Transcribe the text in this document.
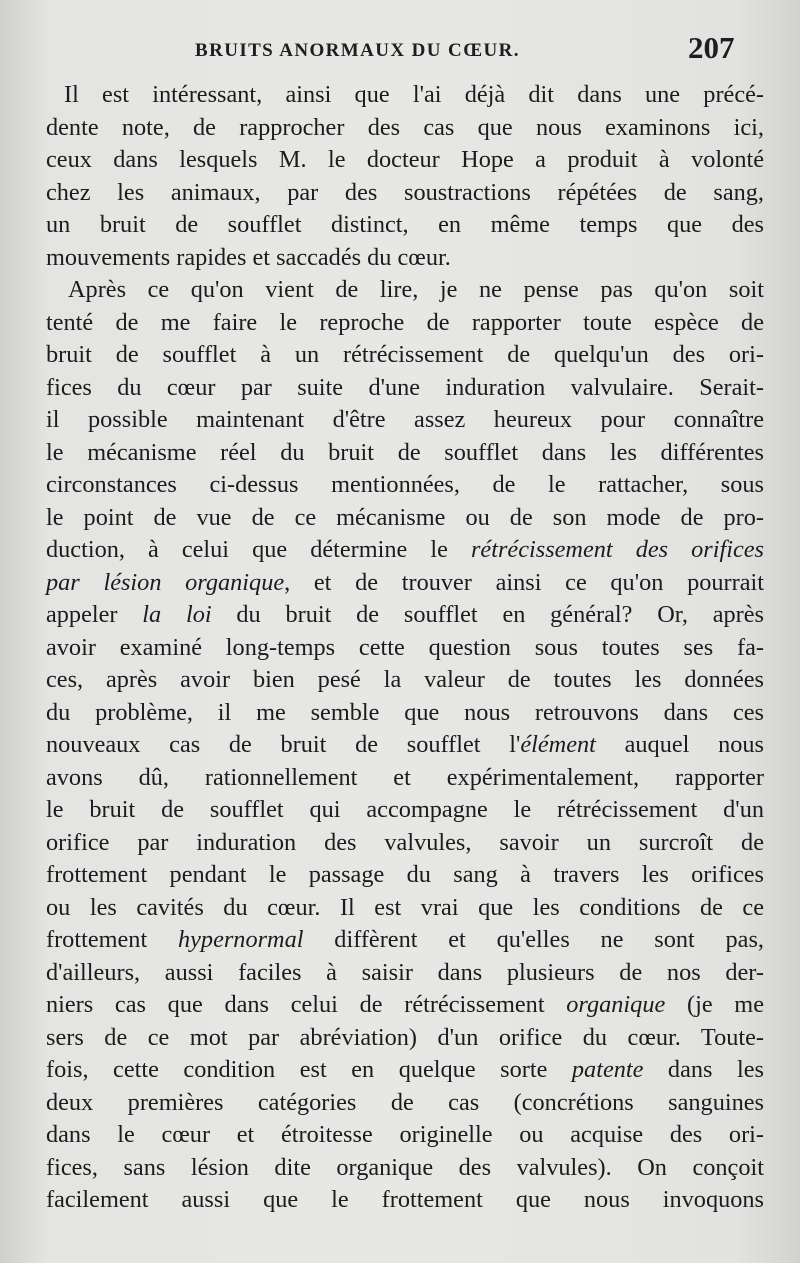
BRUITS ANORMAUX DU CŒUR.	207
Il est intéressant, ainsi que l'ai déjà dit dans une précé-
dente note, de rapprocher des cas que nous examinons ici,
ceux dans lesquels M. le docteur Hope a produit à volonté
chez les animaux, par des soustractions répétées de sang,
un bruit de soufflet distinct, en même temps que des
mouvements rapides et saccadés du cœur.
Après ce qu'on vient de lire, je ne pense pas qu'on soit
tenté de me faire le reproche de rapporter toute espèce de
bruit de soufflet à un rétrécissement de quelqu'un des ori-
fices du cœur par suite d'une induration valvulaire. Serait-
il possible maintenant d'être assez heureux pour connaître
le mécanisme réel du bruit de soufflet dans les différentes
circonstances ci-dessus mentionnées, de le rattacher, sous
le point de vue de ce mécanisme ou de son mode de pro-
duction, à celui que détermine le rétrécissement des orifices
par lésion organique, et de trouver ainsi ce qu'on pourrait
appeler la loi du bruit de soufflet en général? Or, après
avoir examiné long-temps cette question sous toutes ses fa-
ces, après avoir bien pesé la valeur de toutes les données
du problème, il me semble que nous retrouvons dans ces
nouveaux cas de bruit de soufflet l'élément auquel nous
avons dû, rationnellement et expérimentalement, rapporter
le bruit de soufflet qui accompagne le rétrécissement d'un
orifice par induration des valvules, savoir un surcroît de
frottement pendant le passage du sang à travers les orifices
ou les cavités du cœur. Il est vrai que les conditions de ce
frottement hypernormal diffèrent et qu'elles ne sont pas,
d'ailleurs, aussi faciles à saisir dans plusieurs de nos der-
niers cas que dans celui de rétrécissement organique (je me
sers de ce mot par abréviation) d'un orifice du cœur. Toute-
fois, cette condition est en quelque sorte patente dans les
deux premières catégories de cas (concrétions sanguines
dans le cœur et étroitesse originelle ou acquise des ori-
fices, sans lésion dite organique des valvules). On conçoit
facilement aussi que le frottement que nous invoquons
